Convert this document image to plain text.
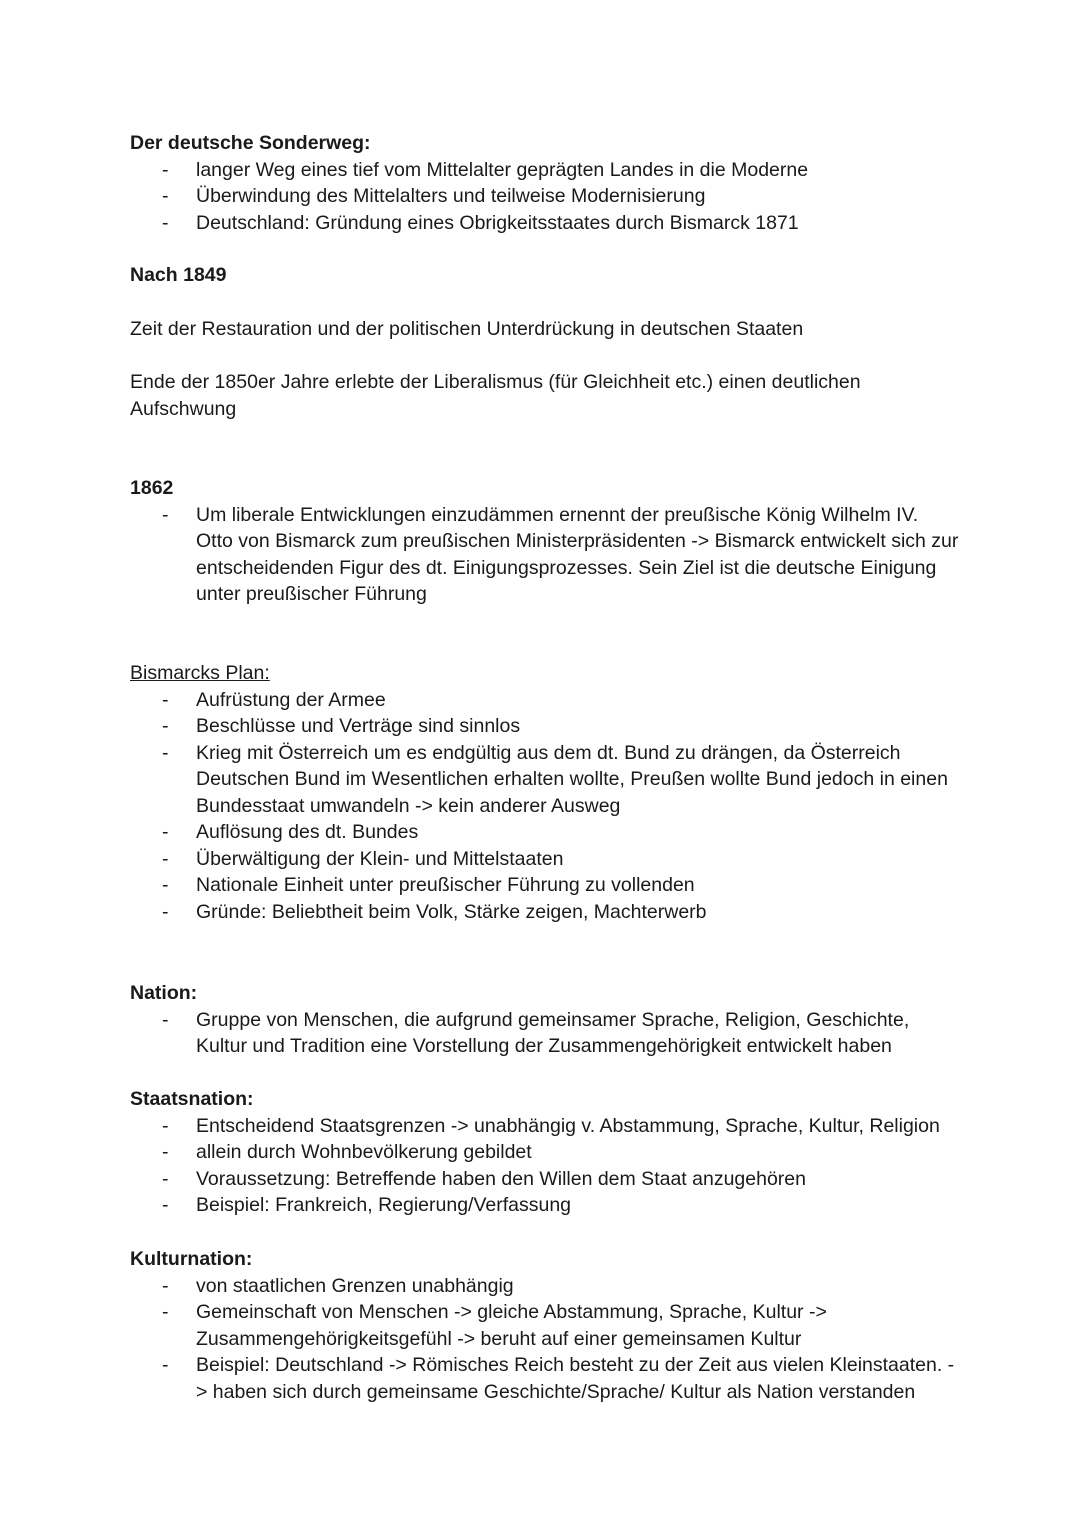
Der deutsche Sonderweg:

- langer Weg eines tief vom Mittelalter geprägten Landes in die Moderne
- Überwindung des Mittelalters und teilweise Modernisierung
- Deutschland: Gründung eines Obrigkeitsstaates durch Bismarck 1871

Nach 1849

Zeit der Restauration und der politischen Unterdrückung in deutschen Staaten

Ende der 1850er Jahre erlebte der Liberalismus (für Gleichheit etc.) einen deutlichen Aufschwung

1862

- Um liberale Entwicklungen einzudämmen ernennt der preußische König Wilhelm IV. Otto von Bismarck zum preußischen Ministerpräsidenten -> Bismarck entwickelt sich zur entscheidenden Figur des dt. Einigungsprozesses. Sein Ziel ist die deutsche Einigung unter preußischer Führung

Bismarcks Plan:

- Aufrüstung der Armee
- Beschlüsse und Verträge sind sinnlos
- Krieg mit Österreich um es endgültig aus dem dt. Bund zu drängen, da Österreich Deutschen Bund im Wesentlichen erhalten wollte, Preußen wollte Bund jedoch in einen Bundesstaat umwandeln -> kein anderer Ausweg
- Auflösung des dt. Bundes
- Überwältigung der Klein- und Mittelstaaten
- Nationale Einheit unter preußischer Führung zu vollenden
- Gründe: Beliebtheit beim Volk, Stärke zeigen, Machterwerb

Nation:

- Gruppe von Menschen, die aufgrund gemeinsamer Sprache, Religion, Geschichte, Kultur und Tradition eine Vorstellung der Zusammengehörigkeit entwickelt haben

Staatsnation:

- Entscheidend Staatsgrenzen -> unabhängig v. Abstammung, Sprache, Kultur, Religion
- allein durch Wohnbevölkerung gebildet
- Voraussetzung: Betreffende haben den Willen dem Staat anzugehören
- Beispiel: Frankreich, Regierung/Verfassung

Kulturnation:

- von staatlichen Grenzen unabhängig
- Gemeinschaft von Menschen -> gleiche Abstammung, Sprache, Kultur -> Zusammengehörigkeitsgefühl -> beruht auf einer gemeinsamen Kultur
- Beispiel: Deutschland -> Römisches Reich besteht zu der Zeit aus vielen Kleinstaaten. -> haben sich durch gemeinsame Geschichte/Sprache/ Kultur als Nation verstanden
